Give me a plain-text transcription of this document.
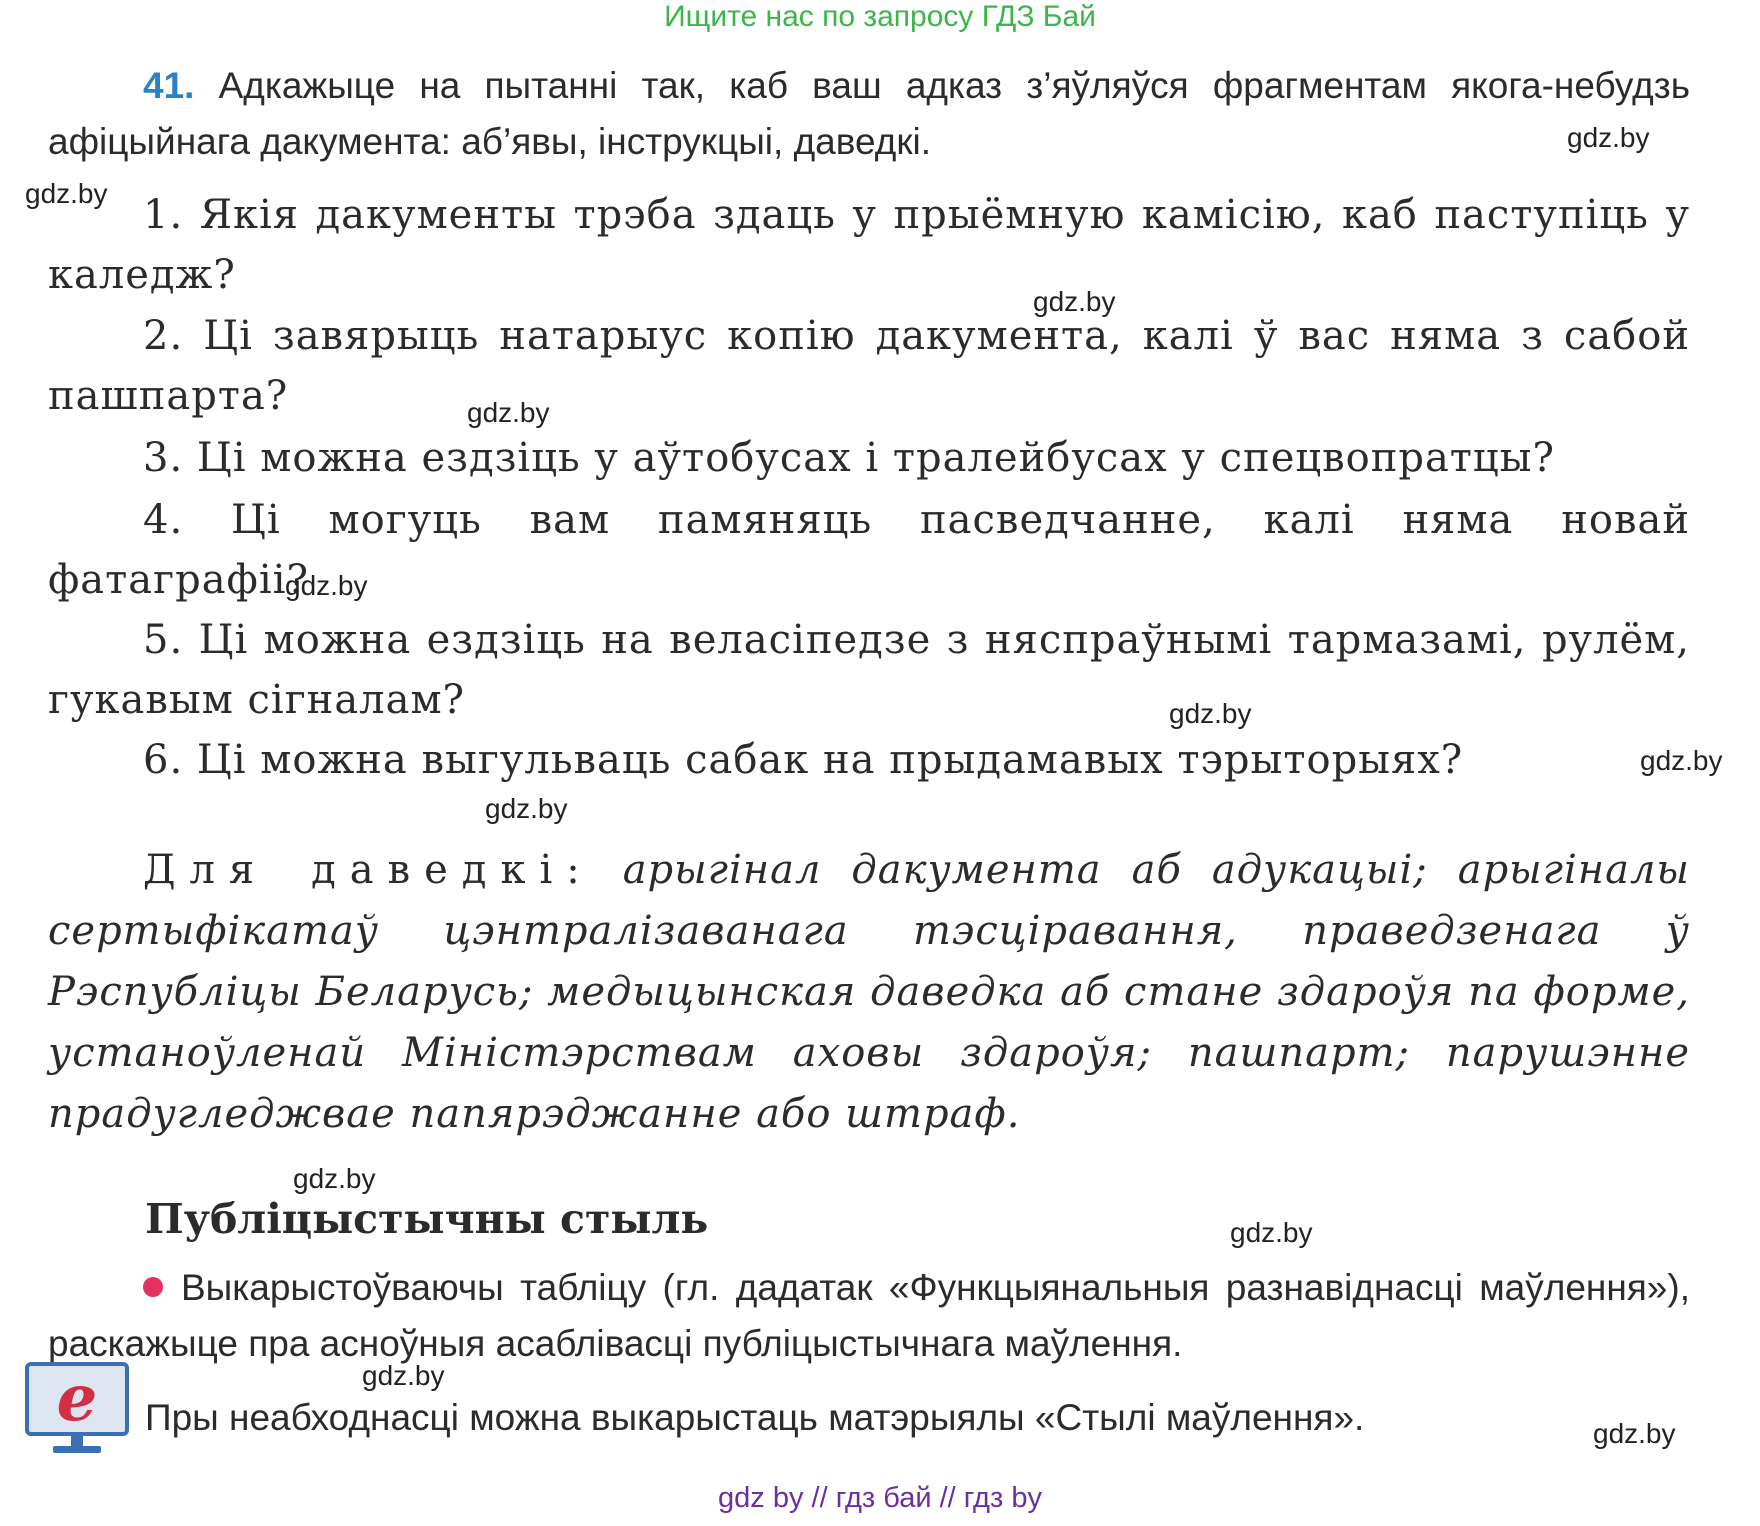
Ищите нас по запросу ГДЗ Бай
41. Адкажыце на пытанні так, каб ваш адказ з’яўляўся фрагментам якога-небудзь афіцыйнага дакумента: аб’явы, інструкцыі, даведкі.
1. Якія дакументы трэба здаць у прыёмную камісію, каб паступіць у каледж?
2. Ці завярыць натарыус копію дакумента, калі ў вас няма з сабой пашпарта?
3. Ці можна ездзіць у аўтобусах і тралейбусах у спецвопратцы?
4. Ці могуць вам памяняць пасведчанне, калі няма новай фатаграфіі?
5. Ці можна ездзіць на веласіпедзе з няспраўнымі тармазамі, рулём, гукавым сігналам?
6. Ці можна выгульваць сабак на прыдамавых тэрыторыях?
Для даведкі: арыгінал дакумента аб адукацыі; арыгіналы сертыфікатаў цэнтралізаванага тэсціравання, праведзенага ў Рэспубліцы Беларусь; медыцынская даведка аб стане здароўя па форме, устаноўленай Міністэрствам аховы здароўя; пашпарт; парушэнне прадугледжвае папярэджанне або штраф.
Публіцыстычны стыль
Выкарыстоўваючы табліцу (гл. дадатак «Функцыянальныя разнавіднасці маўлення»), раскажыце пра асноўныя асаблівасці публіцыстычнага маўлення.
e Пры неабходнасці можна выкарыстаць матэрыялы «Стылі маўлення».
gdz.by
gdz.by
gdz.by
gdz.by
gdz.by
gdz.by
gdz.by
gdz.by
gdz.by
gdz.by
gdz.by
gdz.by
gdz by // гдз бай // гдз by
